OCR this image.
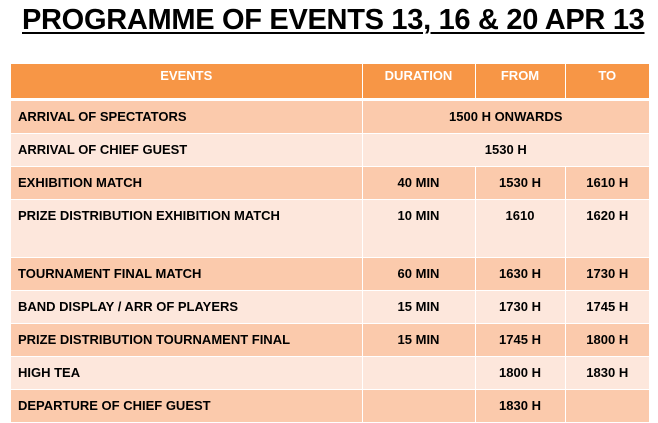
PROGRAMME OF EVENTS 13, 16 & 20 APR 13
EVENTS	DURATION	FROM	TO
ARRIVAL OF SPECTATORS	1500 H ONWARDS		
ARRIVAL OF CHIEF GUEST	1530 H		
EXHIBITION MATCH	40 MIN	1530 H	1610 H
PRIZE DISTRIBUTION EXHIBITION MATCH	10 MIN	1610	1620 H
TOURNAMENT FINAL MATCH	60 MIN	1630 H	1730 H
BAND DISPLAY / ARR OF PLAYERS	15 MIN	1730 H	1745 H
PRIZE DISTRIBUTION TOURNAMENT FINAL	15 MIN	1745 H	1800 H
HIGH TEA		1800 H	1830 H
DEPARTURE OF CHIEF GUEST		1830 H	
